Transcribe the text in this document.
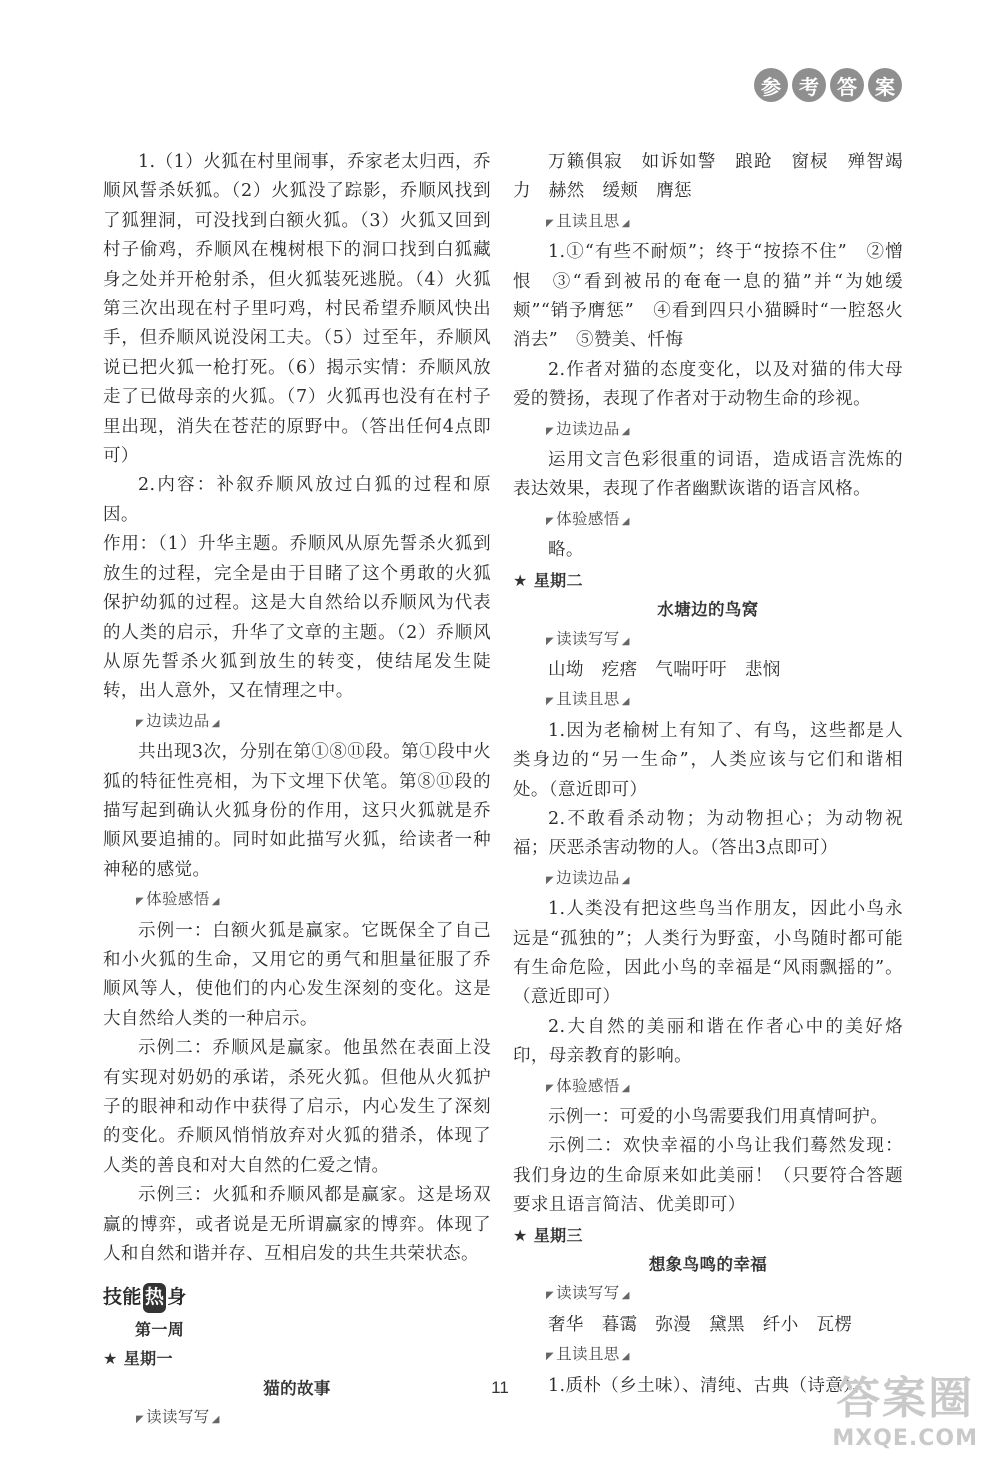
参 考 答 案

1.（1）火狐在村里闹事，乔家老太归西，乔顺风誓杀妖狐。（2）火狐没了踪影，乔顺风找到了狐狸洞，可没找到白额火狐。（3）火狐又回到村子偷鸡，乔顺风在槐树根下的洞口找到白狐藏身之处并开枪射杀，但火狐装死逃脱。（4）火狐第三次出现在村子里叼鸡，村民希望乔顺风快出手，但乔顺风说没闲工夫。（5）过至年，乔顺风说已把火狐一枪打死。（6）揭示实情：乔顺风放走了已做母亲的火狐。（7）火狐再也没有在村子里出现，消失在苍茫的原野中。（答出任何4点即可）

2.内容：补叙乔顺风放过白狐的过程和原因。

作用：（1）升华主题。乔顺风从原先誓杀火狐到放生的过程，完全是由于目睹了这个勇敢的火狐保护幼狐的过程。这是大自然给以乔顺风为代表的人类的启示，升华了文章的主题。（2）乔顺风从原先誓杀火狐到放生的转变，使结尾发生陡转，出人意外，又在情理之中。

◤ 边读边品 ◢

共出现3次，分别在第①⑧⑪段。第①段中火狐的特征性亮相，为下文埋下伏笔。第⑧⑪段的描写起到确认火狐身份的作用，这只火狐就是乔顺风要追捕的。同时如此描写火狐，给读者一种神秘的感觉。

◤ 体验感悟 ◢

示例一：白额火狐是赢家。它既保全了自己和小火狐的生命，又用它的勇气和胆量征服了乔顺风等人，使他们的内心发生深刻的变化。这是大自然给人类的一种启示。

示例二：乔顺风是赢家。他虽然在表面上没有实现对奶奶的承诺，杀死火狐。但他从火狐护子的眼神和动作中获得了启示，内心发生了深刻的变化。乔顺风悄悄放弃对火狐的猎杀，体现了人类的善良和对大自然的仁爱之情。

示例三：火狐和乔顺风都是赢家。这是场双赢的博弈，或者说是无所谓赢家的博弈。体现了人和自然和谐并存、互相启发的共生共荣状态。

技能 热 身

第一周

★ 星期一

猫的故事

◤ 读读写写 ◢

万籁俱寂　如诉如警　踉跄　窗棂　殚智竭力　赫然　缓颊　膺惩

◤ 且读且思 ◢

1.①“有些不耐烦”；终于“按捺不住”　②憎恨　③“看到被吊的奄奄一息的猫”并“为她缓颊”“销予膺惩”　④看到四只小猫瞬时“一腔怒火消去”　⑤赞美、忏悔

2.作者对猫的态度变化，以及对猫的伟大母爱的赞扬，表现了作者对于动物生命的珍视。

◤ 边读边品 ◢

运用文言色彩很重的词语，造成语言洗炼的表达效果，表现了作者幽默诙谐的语言风格。

◤ 体验感悟 ◢

略。

★ 星期二

水塘边的鸟窝

◤ 读读写写 ◢

山坳　疙瘩　气喘吁吁　悲悯

◤ 且读且思 ◢

1.因为老榆树上有知了、有鸟，这些都是人类身边的“另一生命”，人类应该与它们和谐相处。（意近即可）

2.不敢看杀动物；为动物担心；为动物祝福；厌恶杀害动物的人。（答出3点即可）

◤ 边读边品 ◢

1.人类没有把这些鸟当作朋友，因此小鸟永远是“孤独的”；人类行为野蛮，小鸟随时都可能有生命危险，因此小鸟的幸福是“风雨飘摇的”。（意近即可）

2.大自然的美丽和谐在作者心中的美好烙印，母亲教育的影响。

◤ 体验感悟 ◢

示例一：可爱的小鸟需要我们用真情呵护。

示例二：欢快幸福的小鸟让我们蓦然发现：我们身边的生命原来如此美丽！（只要符合答题要求且语言简洁、优美即可）

★ 星期三

想象鸟鸣的幸福

◤ 读读写写 ◢

奢华　暮霭　弥漫　黛黑　纤小　瓦楞

◤ 且读且思 ◢

1.质朴（乡土味）、清纯、古典（诗意）、

11	答案圈
MXQE.COM
